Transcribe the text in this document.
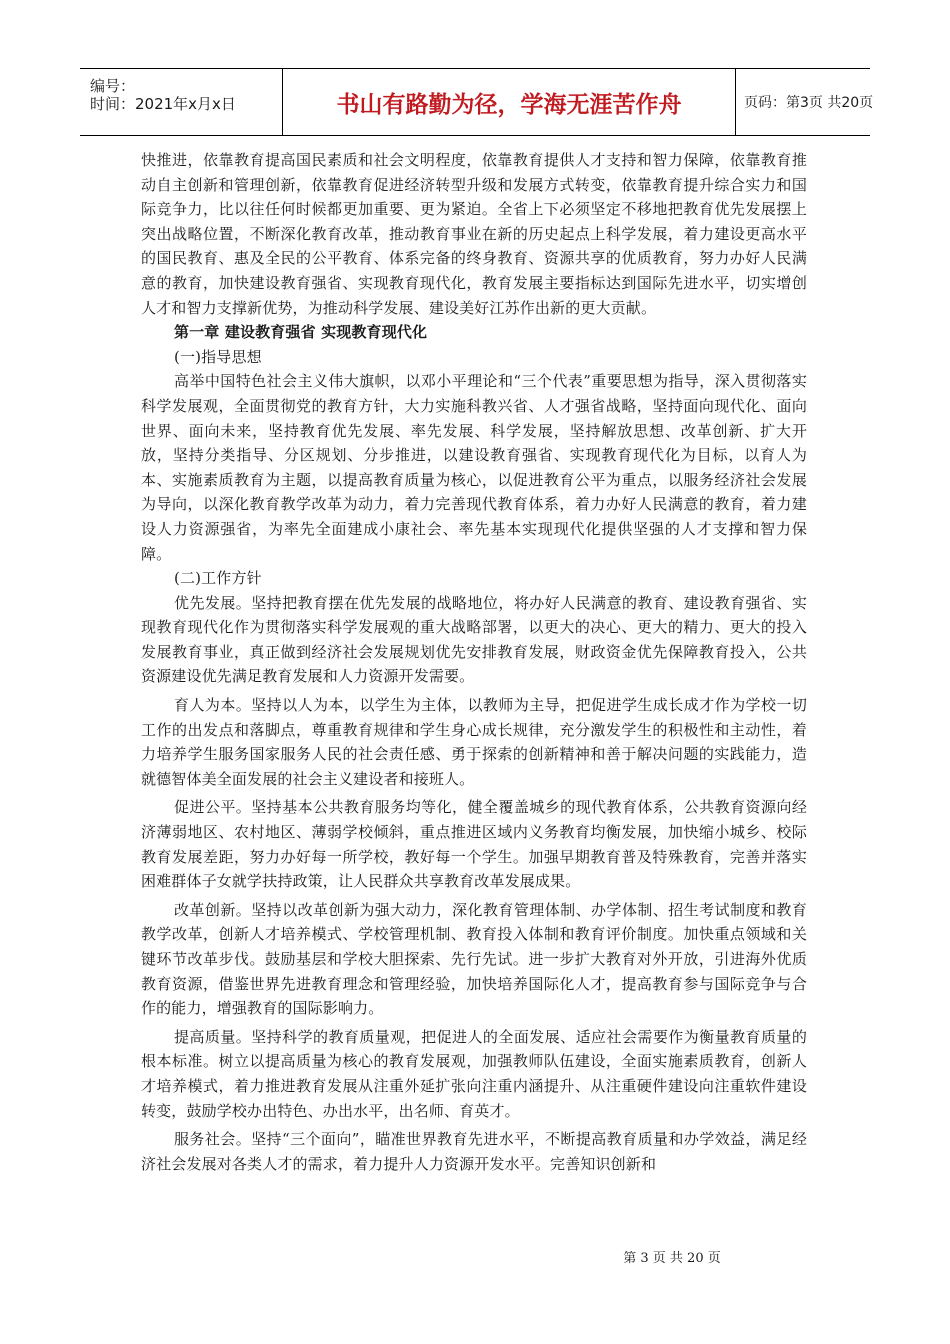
编号：
时间：2021年x月x日	书山有路勤为径，学海无涯苦作舟	页码：第3页 共20页

快推进，依靠教育提高国民素质和社会文明程度，依靠教育提供人才支持和智力保障，依靠教育推动自主创新和管理创新，依靠教育促进经济转型升级和发展方式转变，依靠教育提升综合实力和国际竞争力，比以往任何时候都更加重要、更为紧迫。全省上下必须坚定不移地把教育优先发展摆上突出战略位置，不断深化教育改革，推动教育事业在新的历史起点上科学发展，着力建设更高水平的国民教育、惠及全民的公平教育、体系完备的终身教育、资源共享的优质教育，努力办好人民满意的教育，加快建设教育强省、实现教育现代化，教育发展主要指标达到国际先进水平，切实增创人才和智力支撑新优势，为推动科学发展、建设美好江苏作出新的更大贡献。

第一章 建设教育强省 实现教育现代化

(一)指导思想

高举中国特色社会主义伟大旗帜，以邓小平理论和“三个代表”重要思想为指导，深入贯彻落实科学发展观，全面贯彻党的教育方针，大力实施科教兴省、人才强省战略，坚持面向现代化、面向世界、面向未来，坚持教育优先发展、率先发展、科学发展，坚持解放思想、改革创新、扩大开放，坚持分类指导、分区规划、分步推进，以建设教育强省、实现教育现代化为目标，以育人为本、实施素质教育为主题，以提高教育质量为核心，以促进教育公平为重点，以服务经济社会发展为导向，以深化教育教学改革为动力，着力完善现代教育体系，着力办好人民满意的教育，着力建设人力资源强省，为率先全面建成小康社会、率先基本实现现代化提供坚强的人才支撑和智力保障。

(二)工作方针

优先发展。坚持把教育摆在优先发展的战略地位，将办好人民满意的教育、建设教育强省、实现教育现代化作为贯彻落实科学发展观的重大战略部署，以更大的决心、更大的精力、更大的投入发展教育事业，真正做到经济社会发展规划优先安排教育发展，财政资金优先保障教育投入，公共资源建设优先满足教育发展和人力资源开发需要。

育人为本。坚持以人为本，以学生为主体，以教师为主导，把促进学生成长成才作为学校一切工作的出发点和落脚点，尊重教育规律和学生身心成长规律，充分激发学生的积极性和主动性，着力培养学生服务国家服务人民的社会责任感、勇于探索的创新精神和善于解决问题的实践能力，造就德智体美全面发展的社会主义建设者和接班人。

促进公平。坚持基本公共教育服务均等化，健全覆盖城乡的现代教育体系，公共教育资源向经济薄弱地区、农村地区、薄弱学校倾斜，重点推进区域内义务教育均衡发展，加快缩小城乡、校际教育发展差距，努力办好每一所学校，教好每一个学生。加强早期教育普及特殊教育，完善并落实困难群体子女就学扶持政策，让人民群众共享教育改革发展成果。

改革创新。坚持以改革创新为强大动力，深化教育管理体制、办学体制、招生考试制度和教育教学改革，创新人才培养模式、学校管理机制、教育投入体制和教育评价制度。加快重点领域和关键环节改革步伐。鼓励基层和学校大胆探索、先行先试。进一步扩大教育对外开放，引进海外优质教育资源，借鉴世界先进教育理念和管理经验，加快培养国际化人才，提高教育参与国际竞争与合作的能力，增强教育的国际影响力。

提高质量。坚持科学的教育质量观，把促进人的全面发展、适应社会需要作为衡量教育质量的根本标准。树立以提高质量为核心的教育发展观，加强教师队伍建设，全面实施素质教育，创新人才培养模式，着力推进教育发展从注重外延扩张向注重内涵提升、从注重硬件建设向注重软件建设转变，鼓励学校办出特色、办出水平，出名师、育英才。

服务社会。坚持“三个面向”，瞄准世界教育先进水平，不断提高教育质量和办学效益，满足经济社会发展对各类人才的需求，着力提升人力资源开发水平。完善知识创新和

第 3 页 共 20 页
